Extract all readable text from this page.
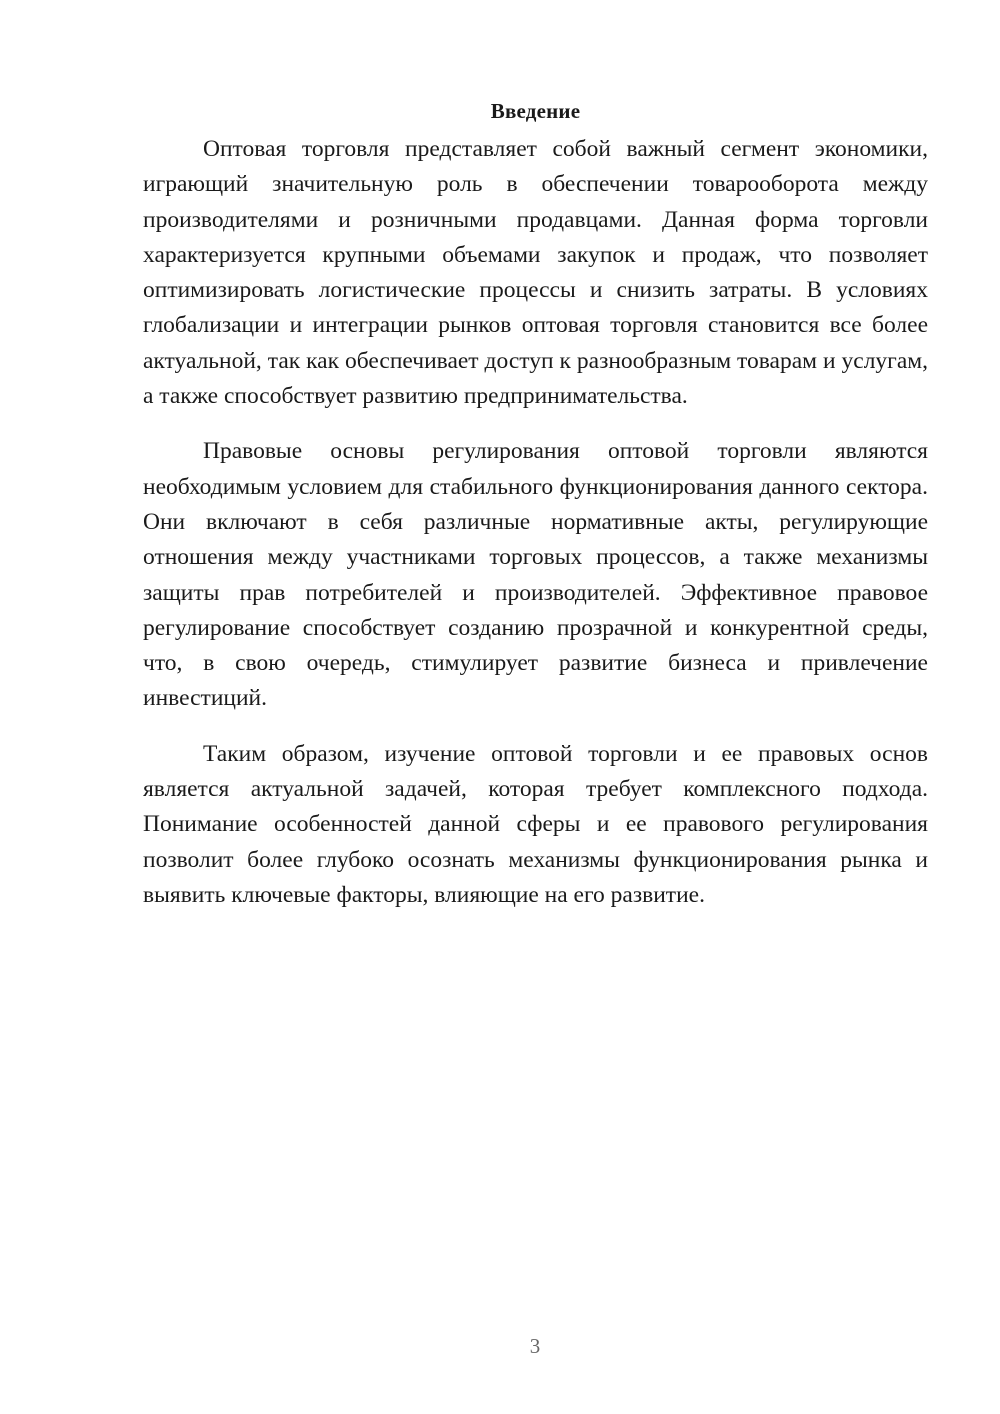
Введение

Оптовая торговля представляет собой важный сегмент экономики, играющий значительную роль в обеспечении товарооборота между производителями и розничными продавцами. Данная форма торговли характеризуется крупными объемами закупок и продаж, что позволяет оптимизировать логистические процессы и снизить затраты. В условиях глобализации и интеграции рынков оптовая торговля становится все более актуальной, так как обеспечивает доступ к разнообразным товарам и услугам, а также способствует развитию предпринимательства.

Правовые основы регулирования оптовой торговли являются необходимым условием для стабильного функционирования данного сектора. Они включают в себя различные нормативные акты, регулирующие отношения между участниками торговых процессов, а также механизмы защиты прав потребителей и производителей. Эффективное правовое регулирование способствует созданию прозрачной и конкурентной среды, что, в свою очередь, стимулирует развитие бизнеса и привлечение инвестиций.

Таким образом, изучение оптовой торговли и ее правовых основ является актуальной задачей, которая требует комплексного подхода. Понимание особенностей данной сферы и ее правового регулирования позволит более глубоко осознать механизмы функционирования рынка и выявить ключевые факторы, влияющие на его развитие.

3
